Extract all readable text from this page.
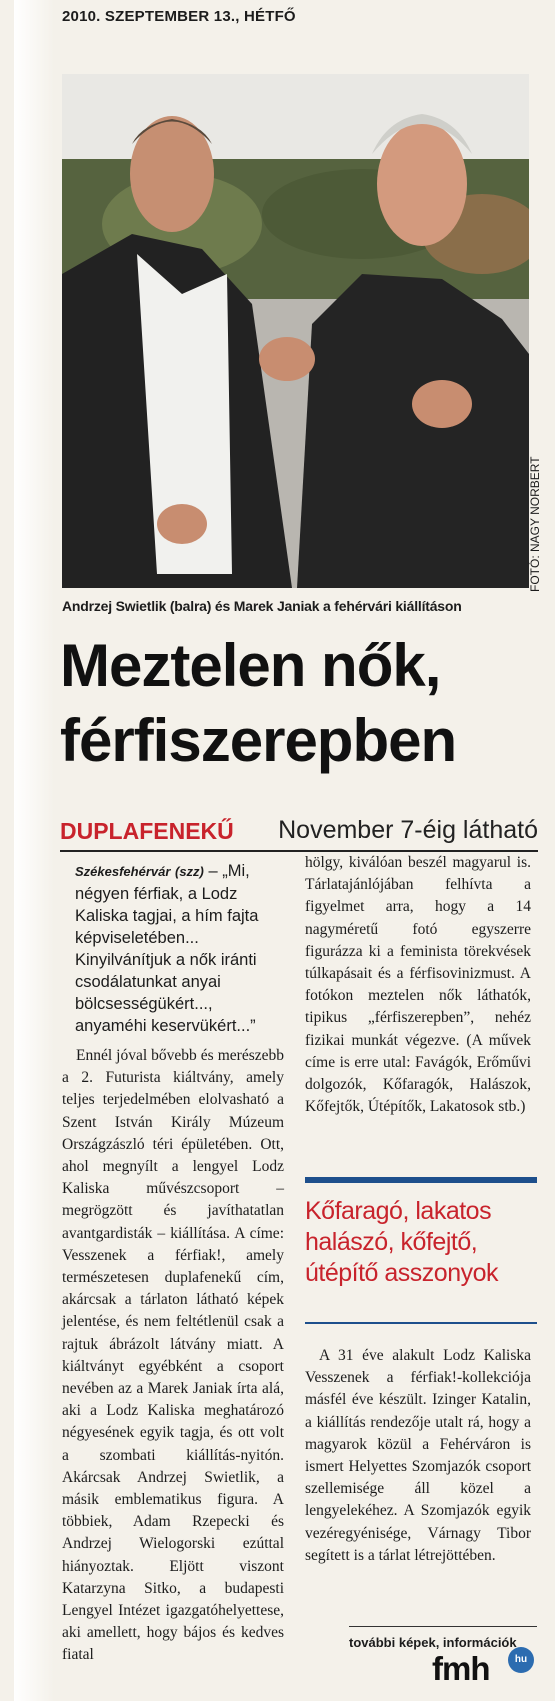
2010. SZEPTEMBER 13., HÉTFŐ
FOTÓ: NAGY NORBERT
Andrzej Swietlik (balra) és Marek Janiak a fehérvári kiállításon
Meztelen nők,
férfiszerepben
DUPLAFENEKŰ November 7-éig látható
Székesfehérvár (szz) – „Mi, négyen férfiak, a Lodz Kaliska tagjai, a hím fajta képviseletében... Kinyilvánítjuk a nők iránti csodálatunkat anyai bölcsességükért..., anyaméhi keservükért...”

Ennél jóval bővebb és merészebb a 2. Futurista kiáltvány, amely teljes terjedelmében elolvasható a Szent István Király Múzeum Országzászló téri épületében. Ott, ahol megnyílt a lengyel Lodz Kaliska művészcsoport – megrögzött és javíthatatlan avantgardisták – kiállítása. A címe: Vesszenek a férfiak!, amely természetesen duplafenekű cím, akárcsak a tárlaton látható képek jelentése, és nem feltétlenül csak a rajtuk ábrázolt látvány miatt. A kiáltványt egyébként a csoport nevében az a Marek Janiak írta alá, aki a Lodz Kaliska meghatározó négyesének egyik tagja, és ott volt a szombati kiállítás-nyitón. Akárcsak Andrzej Swietlik, a másik emblematikus figura. A többiek, Adam Rzepecki és Andrzej Wielogorski ezúttal hiányoztak. Eljött viszont Katarzyna Sitko, a budapesti Lengyel Intézet igazgatóhelyettese, aki amellett, hogy bájos és kedves fiatal

hölgy, kiválóan beszél magyarul is. Tárlatajánlójában felhívta a figyelmet arra, hogy a 14 nagyméretű fotó egyszerre figurázza ki a feminista törekvések túlkapásait és a férfisovinizmust. A fotókon meztelen nők láthatók, tipikus „férfiszerepben”, nehéz fizikai munkát végezve. (A művek címe is erre utal: Favágók, Erőművi dolgozók, Kőfaragók, Halászok, Kőfejtők, Útépítők, Lakatosok stb.)

Kőfaragó, lakatos halászó, kőfejtő, útépítő asszonyok

A 31 éve alakult Lodz Kaliska Vesszenek a férfiak!-kollekciója másfél éve készült. Izinger Katalin, a kiállítás rendezője utalt rá, hogy a magyarok közül a Fehérváron is ismert Helyettes Szomjazók csoport szellemisége áll közel a lengyelekéhez. A Szomjazók egyik vezéregyénisége, Várnagy Tibor segített is a tárlat létrejöttében.

további képek, információk
fmh	hu
